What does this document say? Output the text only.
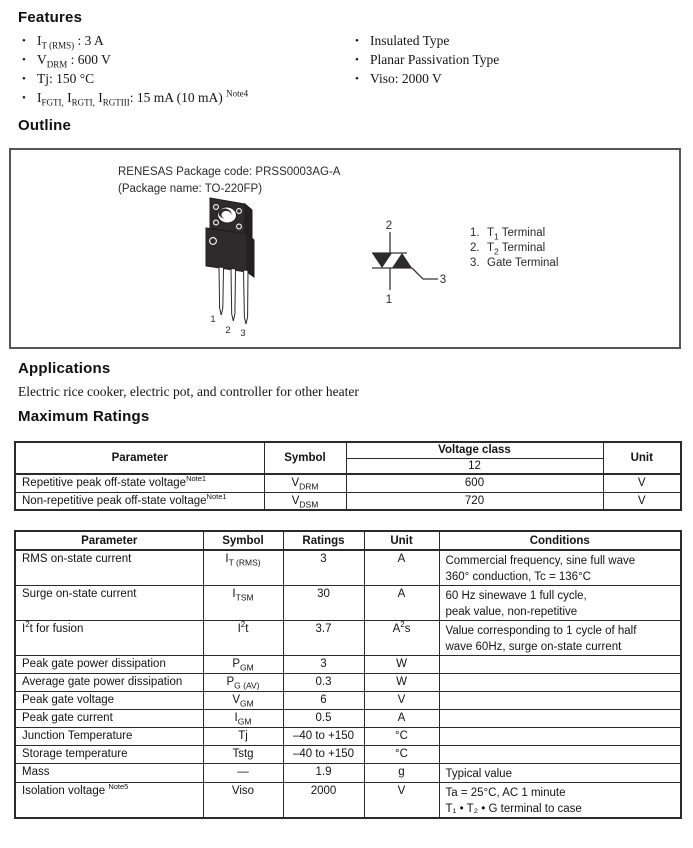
Features
• $I_{T (RMS)}$ : 3 A
• $V_{DRM}$ : 600 V
• Tj: 150 °C
• $I_{FGTI,}$ $I_{RGTI,}$ $I_{RGTIII}$: 15 mA (10 mA) $^{Note4}$
• Insulated Type
• Planar Passivation Type
• Viso: 2000 V
Outline
RENESAS Package code: PRSS0003AG-A
(Package name: TO-220FP)
1
2 3
2
3
1
1. $T_1$ Terminal
2. $T_2$ Terminal
3. Gate Terminal
Applications
Electric rice cooker, electric pot, and controller for other heater
Maximum Ratings
Parameter	Symbol	Voltage class	Unit
		12	
Repetitive peak off-state voltage$^{Note1}$	$V_{DRM}$	600	V
Non-repetitive peak off-state voltage$^{Note1}$	$V_{DSM}$	720	V
Parameter	Symbol	Ratings	Unit	Conditions
RMS on-state current	$I_{T (RMS)}$	3	A	Commercial frequency, sine full wave
360° conduction, Tc = 136°C

Surge on-state current	$I_{TSM}$	30	A	60 Hz sinewave 1 full cycle,
peak value, non-repetitive

$I^2t$ for fusion	$I^2t$	3.7	$A^2s$	Value corresponding to 1 cycle of half
wave 60Hz, surge on-state current

Peak gate power dissipation	$P_{GM}$	3	W	

Average gate power dissipation	$P_{G (AV)}$	0.3	W	

Peak gate voltage	$V_{GM}$	6	V	

Peak gate current	$I_{GM}$	0.5	A	

Junction Temperature	Tj	–40 to +150	°C	

Storage temperature	Tstg	–40 to +150	°C	

Mass	—	1.9	g	Typical value

Isolation voltage $^{Note5}$	Viso	2000	V	Ta = 25°C, AC 1 minute
T₁ • T₂ • G terminal to case
